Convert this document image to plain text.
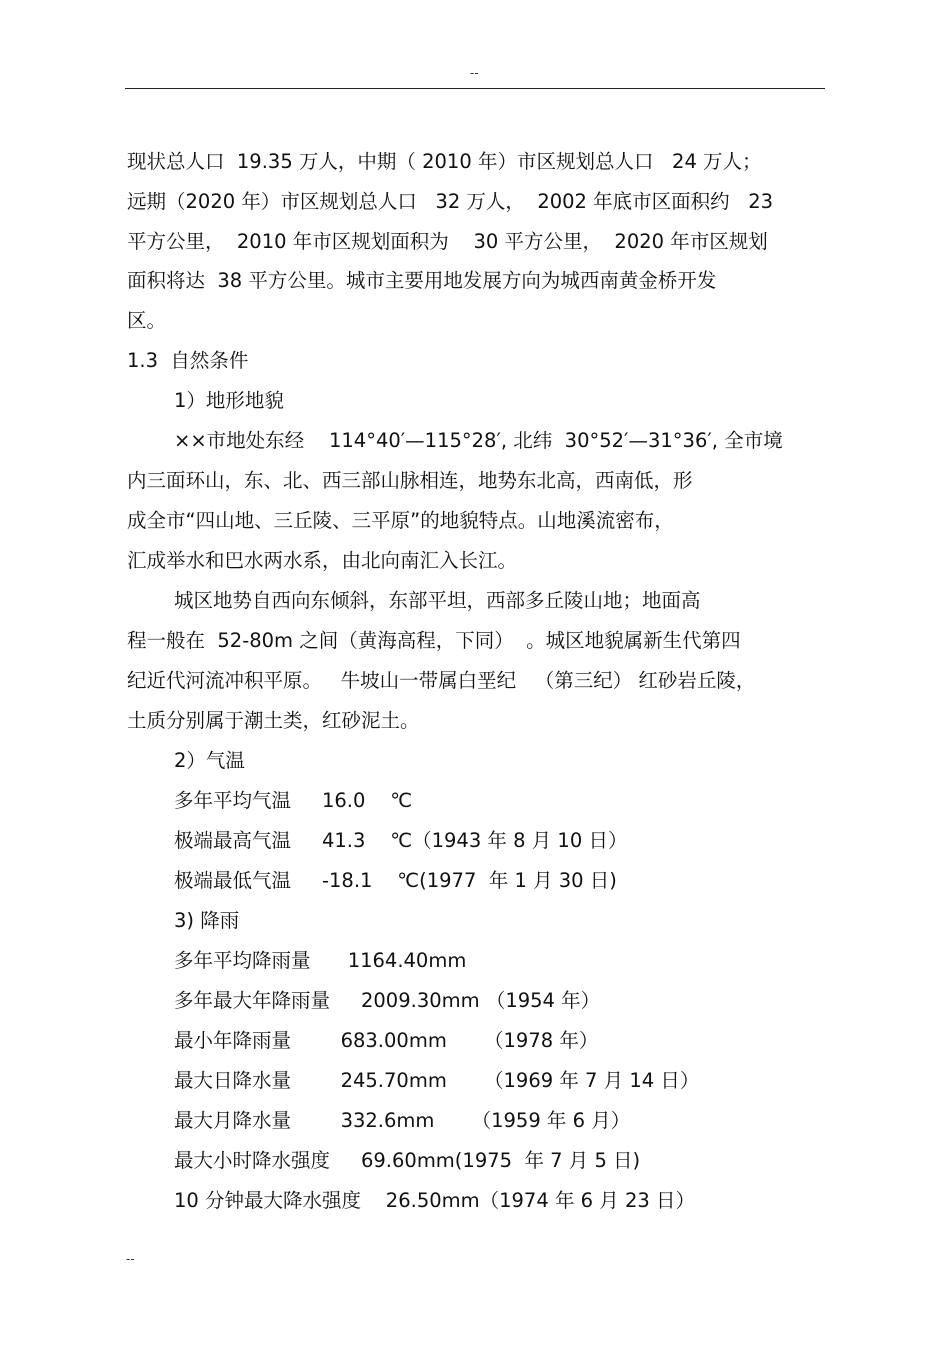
--
现状总人口  19.35 万人，中期（ 2010 年）市区规划总人口   24 万人；
远期（2020 年）市区规划总人口   32 万人，  2002 年底市区面积约   23
平方公里，  2010 年市区规划面积为    30 平方公里，  2020 年市区规划
面积将达  38 平方公里。城市主要用地发展方向为城西南黄金桥开发
区。
1.3  自然条件
1）地形地貌
××市地处东经    114°40′—115°28′, 北纬  30°52′—31°36′, 全市境
内三面环山，东、北、西三部山脉相连，地势东北高，西南低，形
成全市“四山地、三丘陵、三平原”的地貌特点。山地溪流密布，
汇成举水和巴水两水系，由北向南汇入长江。
城区地势自西向东倾斜，东部平坦，西部多丘陵山地；地面高
程一般在  52-80m 之间（黄海高程，下同）  。城区地貌属新生代第四
纪近代河流冲积平原。   牛坡山一带属白垩纪   （第三纪） 红砂岩丘陵，
土质分别属于潮土类，红砂泥土。
2）气温
多年平均气温     16.0    ℃
极端最高气温     41.3    ℃（1943 年 8 月 10 日）
极端最低气温     -18.1    ℃(1977  年 1 月 30 日)
3) 降雨
多年平均降雨量      1164.40mm
多年最大年降雨量     2009.30mm （1954 年）
最小年降雨量        683.00mm      （1978 年）
最大日降水量        245.70mm      （1969 年 7 月 14 日）
最大月降水量        332.6mm      （1959 年 6 月）
最大小时降水强度     69.60mm(1975  年 7 月 5 日)
10 分钟最大降水强度    26.50mm（1974 年 6 月 23 日）
--
